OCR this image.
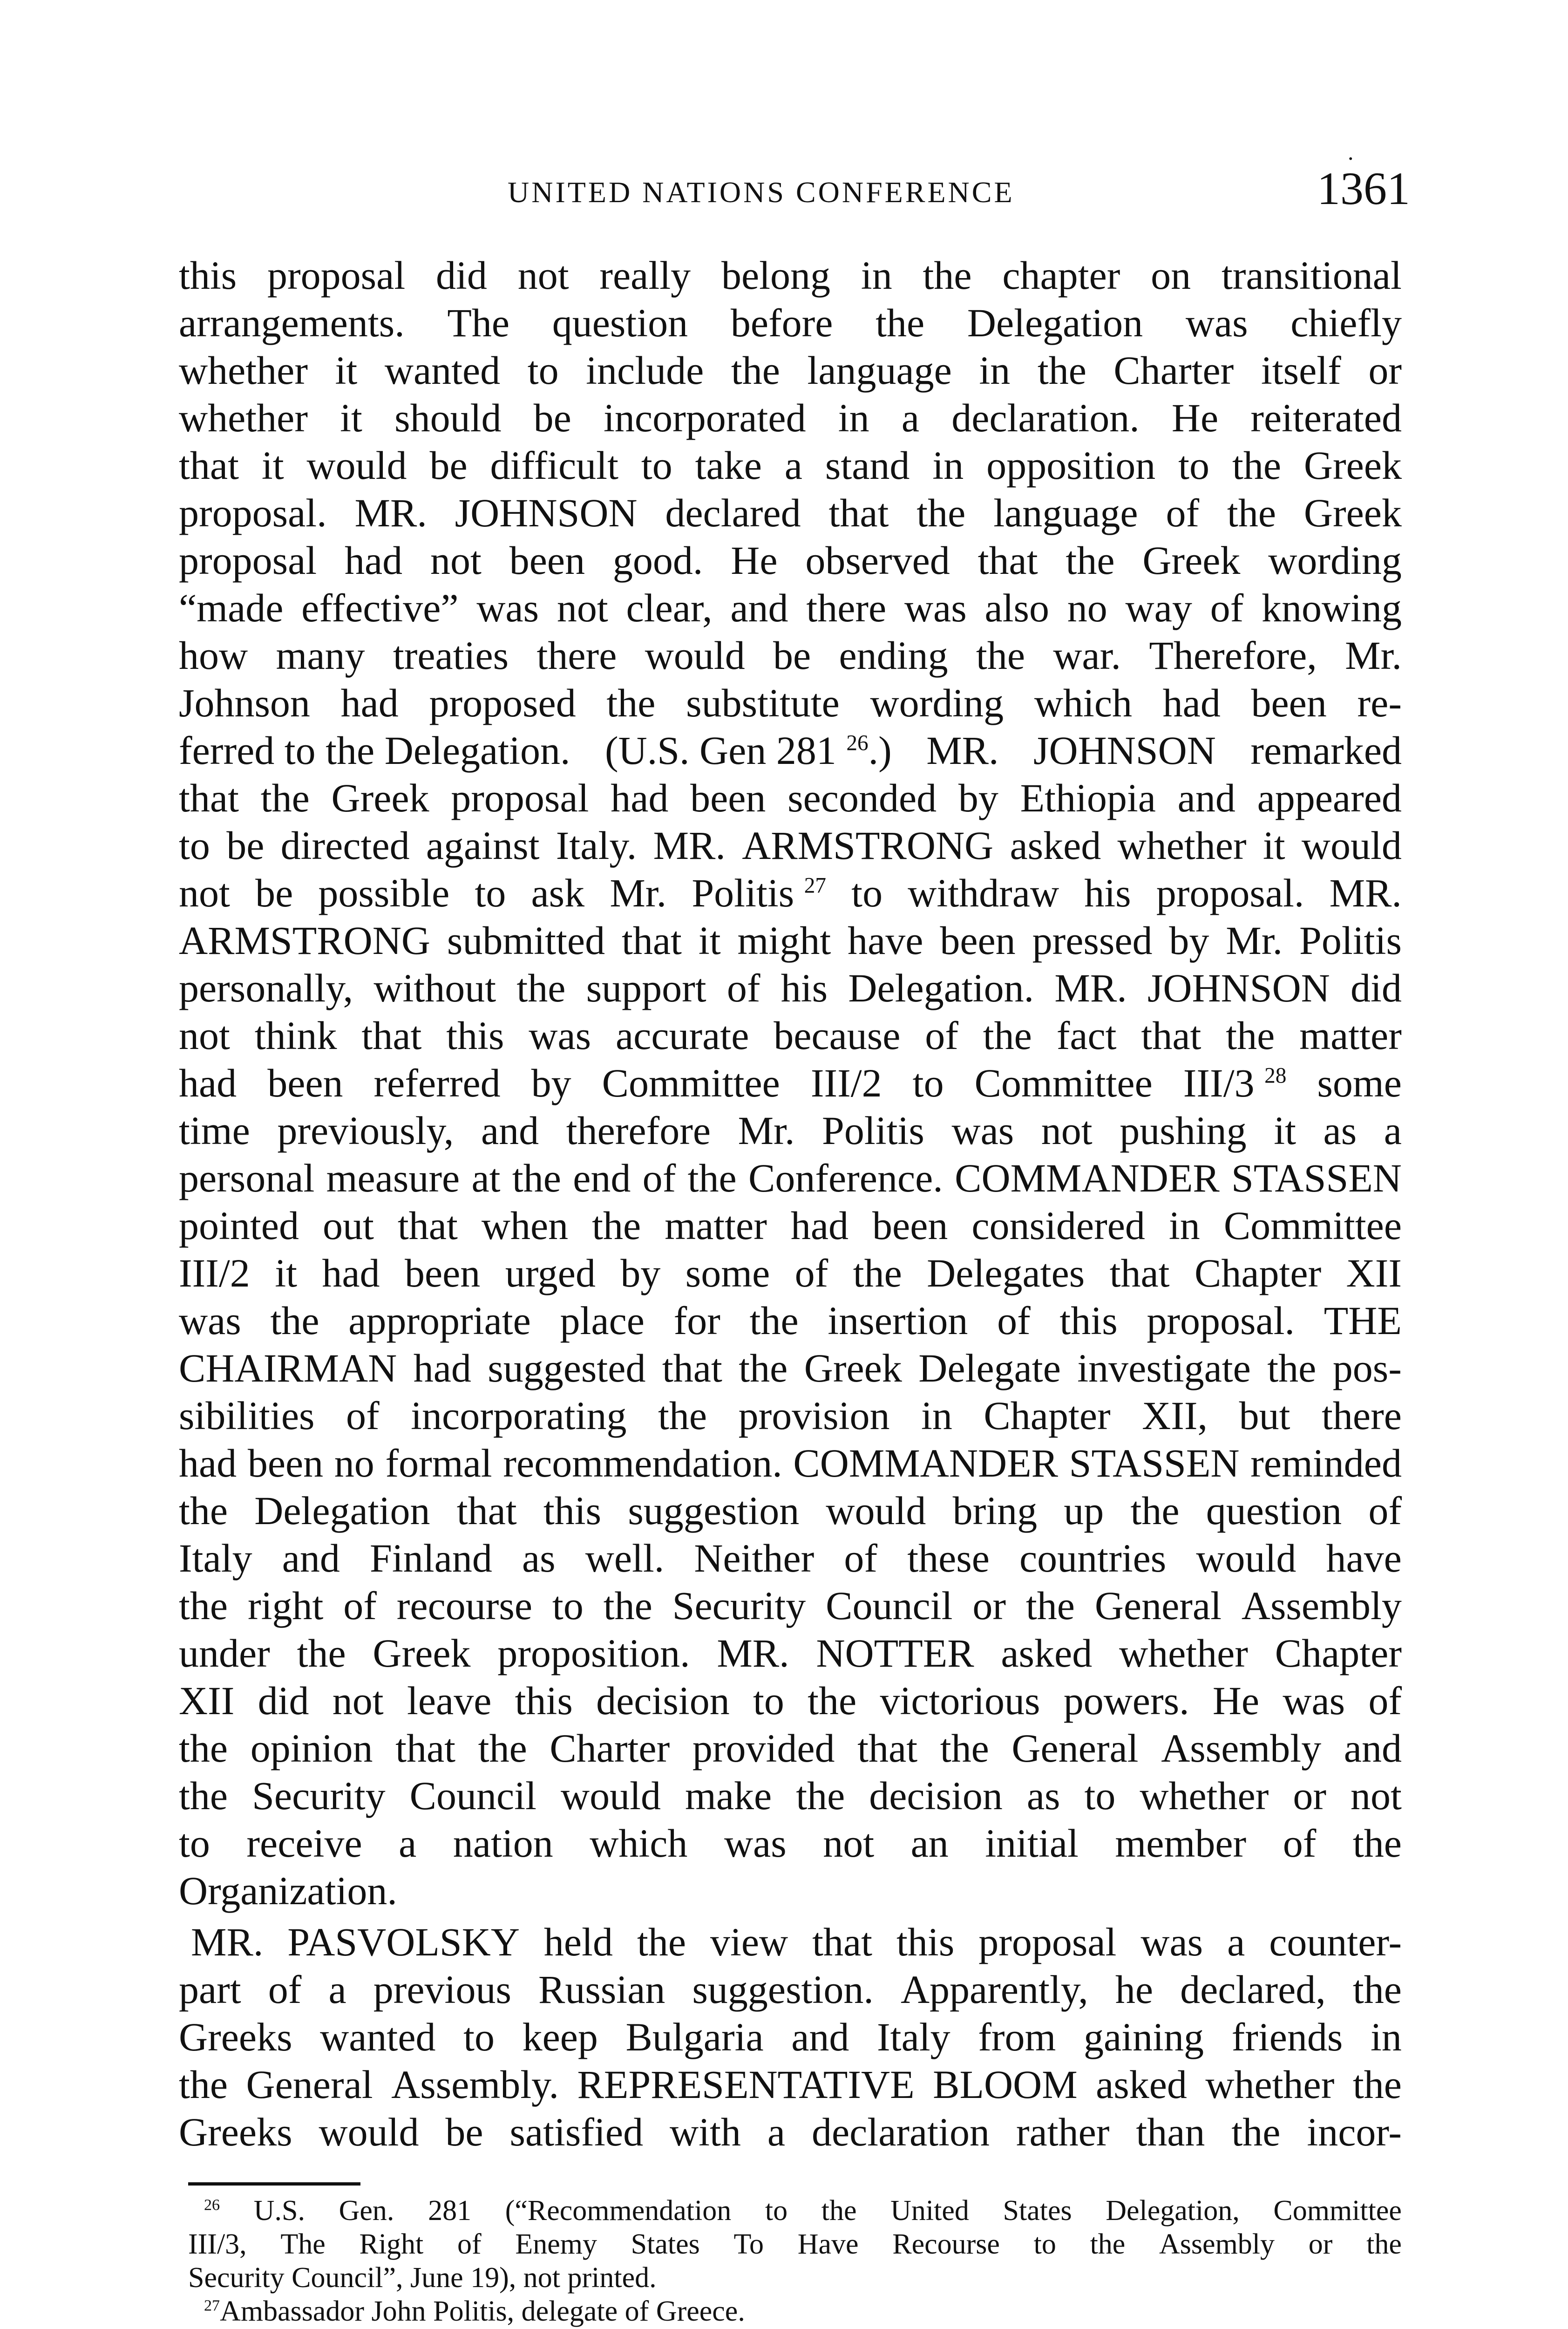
UNITED NATIONS CONFERENCE
.
1361
this proposal did not really belong in the chapter on transitional
arrangements. The question before the Delegation was chiefly
whether it wanted to include the language in the Charter itself or
whether it should be incorporated in a declaration. He reiterated
that it would be difficult to take a stand in opposition to the Greek
proposal. MR. JOHNSON declared that the language of the Greek
proposal had not been good. He observed that the Greek wording
“made effective” was not clear, and there was also no way of knowing
how many treaties there would be ending the war. Therefore, Mr.
Johnson had proposed the substitute wording which had been re-
ferred to the Delegation. (U.S. Gen 281 $^{26}$.) MR. JOHNSON remarked
that the Greek proposal had been seconded by Ethiopia and appeared
to be directed against Italy. MR. ARMSTRONG asked whether it would
not be possible to ask Mr. Politis $^{27}$ to withdraw his proposal. MR.
ARMSTRONG submitted that it might have been pressed by Mr. Politis
personally, without the support of his Delegation. MR. JOHNSON did
not think that this was accurate because of the fact that the matter
had been referred by Committee III/2 to Committee III/3 $^{28}$ some
time previously, and therefore Mr. Politis was not pushing it as a
personal measure at the end of the Conference. COMMANDER STASSEN
pointed out that when the matter had been considered in Committee
III/2 it had been urged by some of the Delegates that Chapter XII
was the appropriate place for the insertion of this proposal. THE
CHAIRMAN had suggested that the Greek Delegate investigate the pos-
sibilities of incorporating the provision in Chapter XII, but there
had been no formal recommendation. COMMANDER STASSEN reminded
the Delegation that this suggestion would bring up the question of
Italy and Finland as well. Neither of these countries would have
the right of recourse to the Security Council or the General Assembly
under the Greek proposition. MR. NOTTER asked whether Chapter
XII did not leave this decision to the victorious powers. He was of
the opinion that the Charter provided that the General Assembly and
the Security Council would make the decision as to whether or not
to receive a nation which was not an initial member of the
Organization.
MR. PASVOLSKY held the view that this proposal was a counter-
part of a previous Russian suggestion. Apparently, he declared, the
Greeks wanted to keep Bulgaria and Italy from gaining friends in
the General Assembly. REPRESENTATIVE BLOOM asked whether the
Greeks would be satisfied with a declaration rather than the incor-
$^{26}$ U.S. Gen. 281 (“Recommendation to the United States Delegation, Committee
III/3, The Right of Enemy States To Have Recourse to the Assembly or the
Security Council”, June 19), not printed.
$^{27}$ Ambassador John Politis, delegate of Greece.
